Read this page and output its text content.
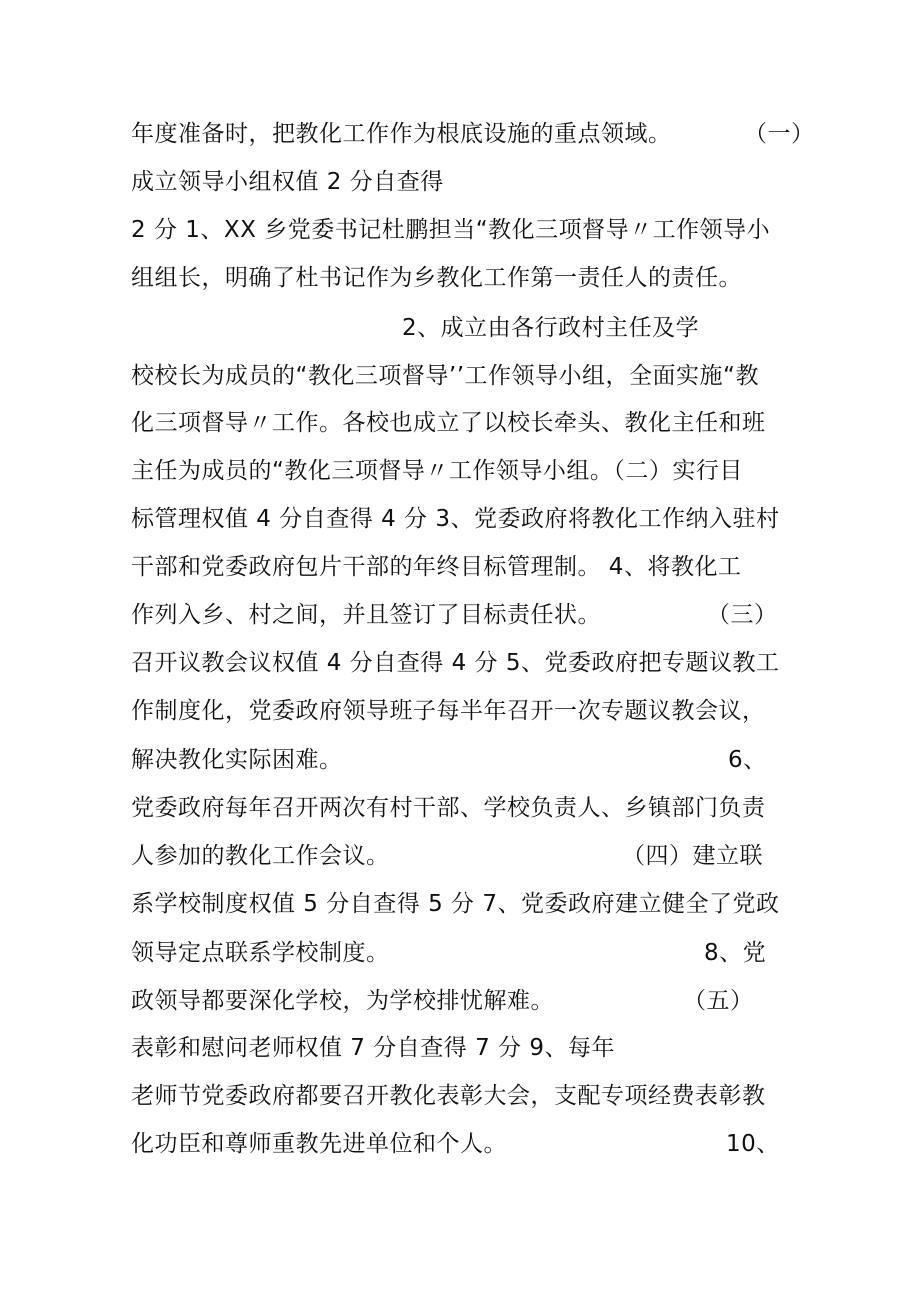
年度准备时，把教化工作作为根底设施的重点领域。	（一）
成立领导小组权值 2 分自查得
2 分 1、XX 乡党委书记杜鹏担当“教化三项督导〃工作领导小
组组长，明确了杜书记作为乡教化工作第一责任人的责任。
2、成立由各行政村主任及学
校校长为成员的“教化三项督导’’工作领导小组，全面实施“教
化三项督导〃工作。各校也成立了以校长牵头、教化主任和班
主任为成员的“教化三项督导〃工作领导小组。（二）实行目
标管理权值 4 分自查得 4 分 3、党委政府将教化工作纳入驻村
干部和党委政府包片干部的年终目标管理制。 4、将教化工
作列入乡、村之间，并且签订了目标责任状。	（三）
召开议教会议权值 4 分自查得 4 分 5、党委政府把专题议教工
作制度化，党委政府领导班子每半年召开一次专题议教会议，
解决教化实际困难。	6、
党委政府每年召开两次有村干部、学校负责人、乡镇部门负责
人参加的教化工作会议。	（四）建立联
系学校制度权值 5 分自查得 5 分 7、党委政府建立健全了党政
领导定点联系学校制度。	8、党
政领导都要深化学校，为学校排忧解难。	（五）
表彰和慰问老师权值 7 分自查得 7 分 9、每年
老师节党委政府都要召开教化表彰大会，支配专项经费表彰教
化功臣和尊师重教先进单位和个人。	10、
